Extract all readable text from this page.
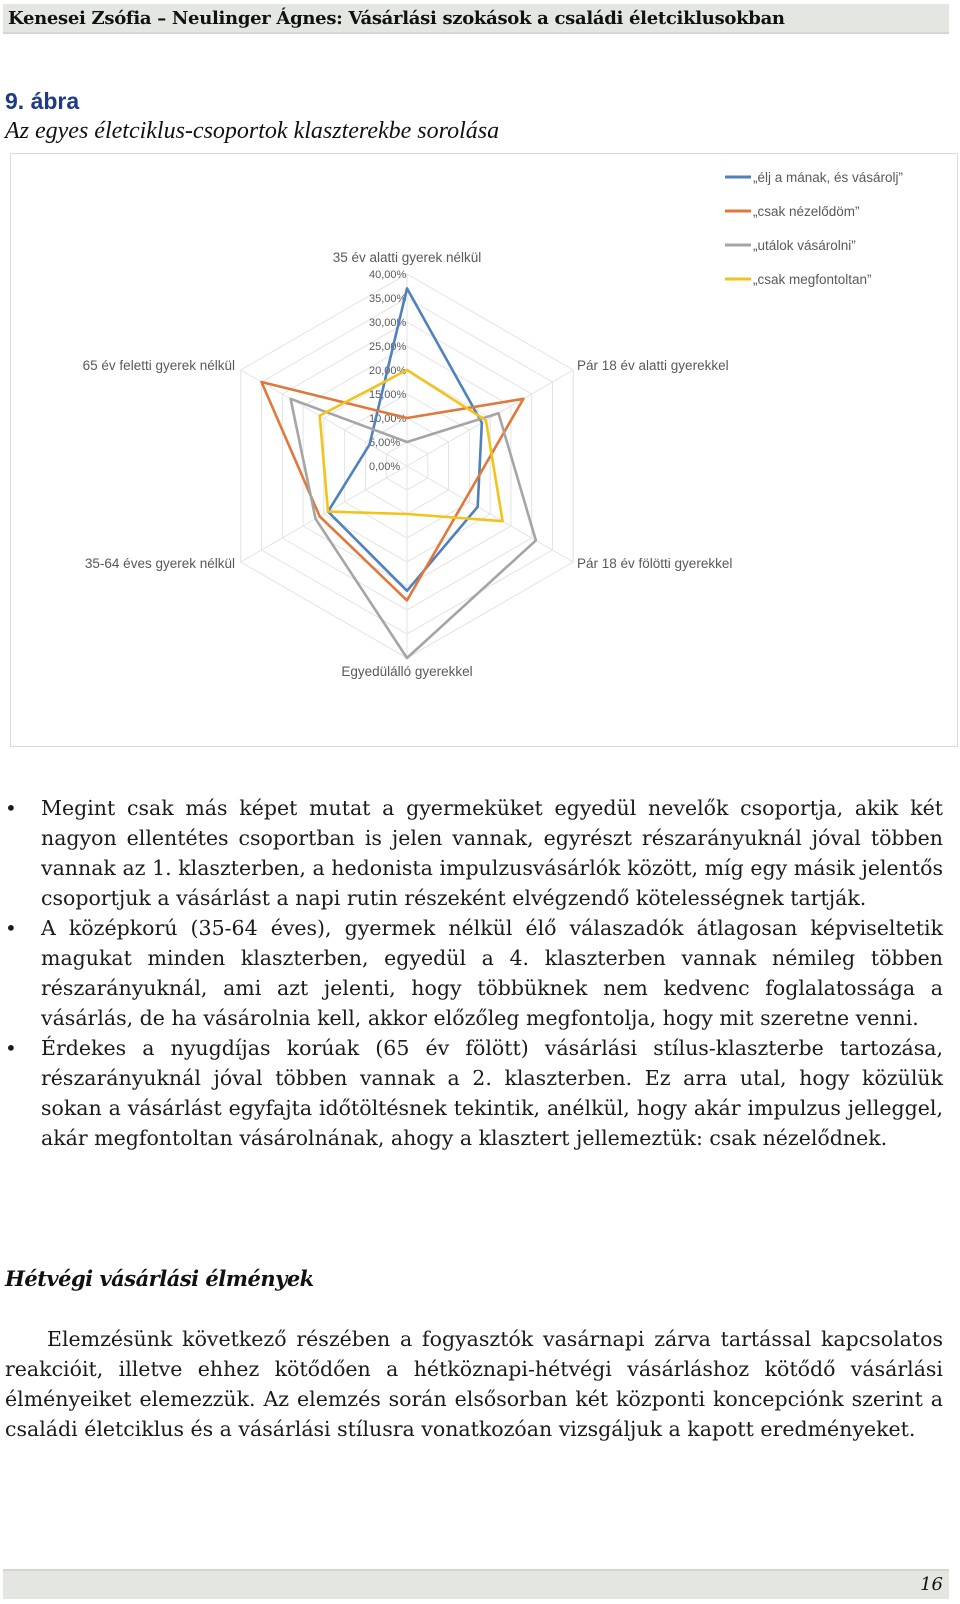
Kenesei Zsófia – Neulinger Ágnes: Vásárlási szokások a családi életciklusokban
9. ábra
Az egyes életciklus-csoportok klaszterekbe sorolása
0,00%
5,00%
10,00%
15,00%
20,00%
25,00%
30,00%
35,00%
40,00%
35 év alatti gyerek nélkül
Pár 18 év alatti gyerekkel
Pár 18 év fölötti gyerekkel
Egyedülálló gyerekkel
35-64 éves gyerek nélkül
65 év feletti gyerek nélkül
„élj a mának, és vásárolj”
„csak nézelődöm”
„utálok vásárolni”
„csak megfontoltan”
• Megint csak más képet mutat a gyermeküket egyedül nevelők csoportja, akik két nagyon ellentétes csoportban is jelen vannak, egyrészt részarányuknál jóval többen vannak az 1. klaszterben, a hedonista impulzusvásárlók között, míg egy másik jelentős csoportjuk a vásárlást a napi rutin részeként elvégzendő kötelességnek tartják.
• A középkorú (35-64 éves), gyermek nélkül élő válaszadók átlagosan képviseltetik magukat minden klaszterben, egyedül a 4. klaszterben vannak némileg többen részarányuknál, ami azt jelenti, hogy többüknek nem kedvenc foglalatossága a vásárlás, de ha vásárolnia kell, akkor előzőleg megfontolja, hogy mit szeretne venni.
• Érdekes a nyugdíjas korúak (65 év fölött) vásárlási stílus-klaszterbe tartozása, részarányuknál jóval többen vannak a 2. klaszterben. Ez arra utal, hogy közülük sokan a vásárlást egyfajta időtöltésnek tekintik, anélkül, hogy akár impulzus jelleggel, akár megfontoltan vásárolnának, ahogy a klasztert jellemeztük: csak nézelődnek.
Hétvégi vásárlási élmények

Elemzésünk következő részében a fogyasztók vasárnapi zárva tartással kapcsolatos reakcióit, illetve ehhez kötődően a hétköznapi-hétvégi vásárláshoz kötődő vásárlási élményeiket elemezzük. Az elemzés során elsősorban két központi koncepciónk szerint a családi életciklus és a vásárlási stílusra vonatkozóan vizsgáljuk a kapott eredményeket.

16
